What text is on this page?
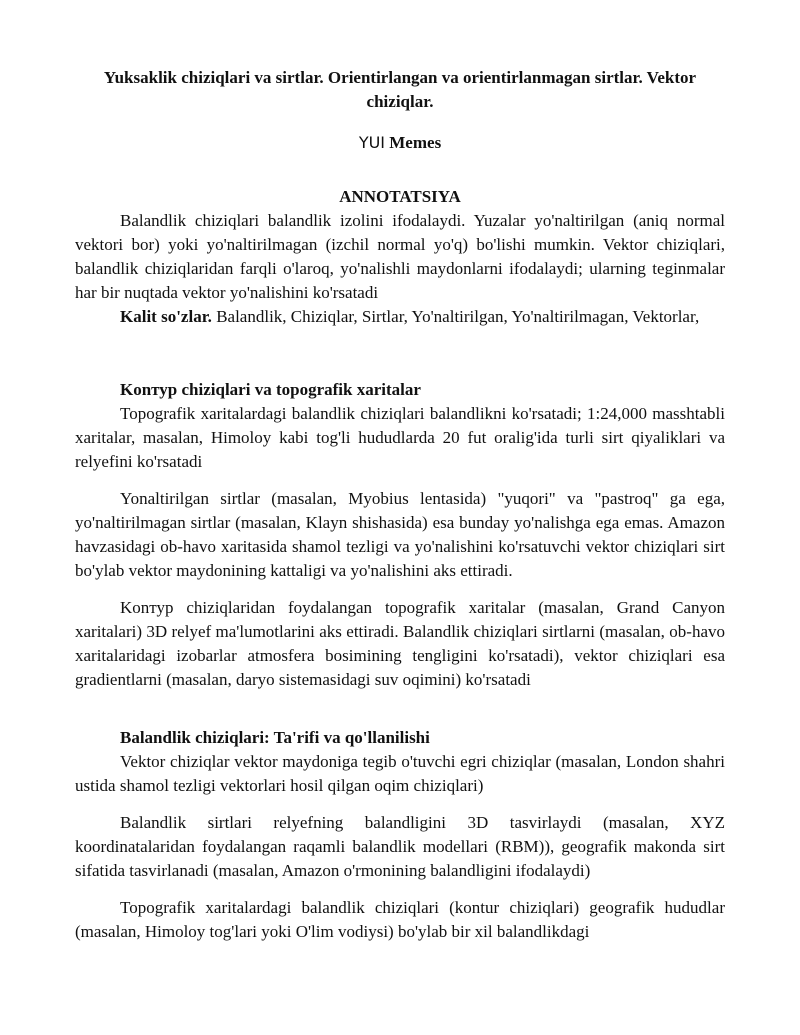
Yuksaklik chiziqlari va sirtlar. Orientirlangan va orientirlanmagan sirtlar. Vektor chiziqlar.
YUI Memes
ANNOTATSIYA

Balandlik chiziqlari balandlik izolini ifodalaydi. Yuzalar yo'naltirilgan (aniq normal vektori bor) yoki yo'naltirilmagan (izchil normal yo'q) bo'lishi mumkin. Vektor chiziqlari, balandlik chiziqlaridan farqli o'laroq, yo'nalishli maydonlarni ifodalaydi; ularning teginmalar har bir nuqtada vektor yo'nalishini ko'rsatadi

Kalit so'zlar. Balandlik, Chiziqlar, Sirtlar, Yo'naltirilgan, Yo'naltirilmagan, Vektorlar,

Konтур chiziqlari va topografik xaritalar

Topografik xaritalardagi balandlik chiziqlari balandlikni ko'rsatadi; 1:24,000 masshtabli xaritalar, masalan, Himoloy kabi tog'li hududlarda 20 fut oralig'ida turli sirt qiyaliklari va relyefini ko'rsatadi

Yonaltirilgan sirtlar (masalan, Myobius lentasida) "yuqori" va "pastroq" ga ega, yo'naltirilmagan sirtlar (masalan, Klayn shishasida) esa bunday yo'nalishga ega emas. Amazon havzasidagi ob-havo xaritasida shamol tezligi va yo'nalishini ko'rsatuvchi vektor chiziqlari sirt bo'ylab vektor maydonining kattaligi va yo'nalishini aks ettiradi.

Konтур chiziqlaridan foydalangan topografik xaritalar (masalan, Grand Canyon xaritalari) 3D relyef ma'lumotlarini aks ettiradi. Balandlik chiziqlari sirtlarni (masalan, ob-havo xaritalaridagi izobarlar atmosfera bosimining tengligini ko'rsatadi), vektor chiziqlari esa gradientlarni (masalan, daryo sistemasidagi suv oqimini) ko'rsatadi

Balandlik chiziqlari: Ta'rifi va qo'llanilishi

Vektor chiziqlar vektor maydoniga tegib o'tuvchi egri chiziqlar (masalan, London shahri ustida shamol tezligi vektorlari hosil qilgan oqim chiziqlari)

Balandlik sirtlari relyefning balandligini 3D tasvirlaydi (masalan, XYZ koordinatalaridan foydalangan raqamli balandlik modellari (RBM)), geografik makonda sirt sifatida tasvirlanadi (masalan, Amazon o'rmonining balandligini ifodalaydi)

Topografik xaritalardagi balandlik chiziqlari (kontur chiziqlari) geografik hududlar (masalan, Himoloy tog'lari yoki O'lim vodiysi) bo'ylab bir xil balandlikdagi
